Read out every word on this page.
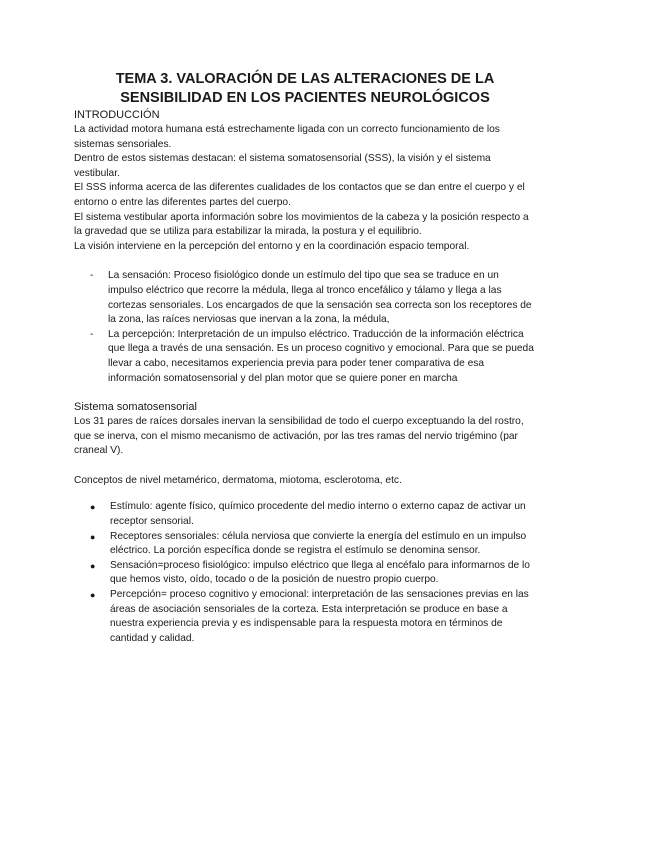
TEMA 3. VALORACIÓN DE LAS ALTERACIONES DE LA
SENSIBILIDAD EN LOS PACIENTES NEUROLÓGICOS

INTRODUCCIÓN

La actividad motora humana está estrechamente ligada con un correcto funcionamiento de los sistemas sensoriales.

Dentro de estos sistemas destacan: el sistema somatosensorial (SSS), la visión y el sistema vestibular.

El SSS informa acerca de las diferentes cualidades de los contactos que se dan entre el cuerpo y el entorno o entre las diferentes partes del cuerpo.

El sistema vestibular aporta información sobre los movimientos de la cabeza y la posición respecto a la gravedad que se utiliza para estabilizar la mirada, la postura y el equilibrio.

La visión interviene en la percepción del entorno y en la coordinación espacio temporal.

- La sensación: Proceso fisiológico donde un estímulo del tipo que sea se traduce en un impulso eléctrico que recorre la médula, llega al tronco encefálico y tálamo y llega a las cortezas sensoriales. Los encargados de que la sensación sea correcta son los receptores de la zona, las raíces nerviosas que inervan a la zona, la médula,
- La percepción: Interpretación de un impulso eléctrico. Traducción de la información eléctrica que llega a través de una sensación. Es un proceso cognitivo y emocional. Para que se pueda llevar a cabo, necesitamos experiencia previa para poder tener comparativa de esa información somatosensorial y del plan motor que se quiere poner en marcha

Sistema somatosensorial

Los 31 pares de raíces dorsales inervan la sensibilidad de todo el cuerpo exceptuando la del rostro, que se inerva, con el mismo mecanismo de activación, por las tres ramas del nervio trigémino (par craneal V).

Conceptos de nivel metamérico, dermatoma, miotoma, esclerotoma, etc.

● Estímulo: agente físico, químico procedente del medio interno o externo capaz de activar un receptor sensorial.
● Receptores sensoriales: célula nerviosa que convierte la energía del estímulo en un impulso eléctrico. La porción específica donde se registra el estímulo se denomina sensor.
● Sensación=proceso fisiológico: impulso eléctrico que llega al encéfalo para informarnos de lo que hemos visto, oído, tocado o de la posición de nuestro propio cuerpo.
● Percepción= proceso cognitivo y emocional: interpretación de las sensaciones previas en las áreas de asociación sensoriales de la corteza. Esta interpretación se produce en base a nuestra experiencia previa y es indispensable para la respuesta motora en términos de cantidad y calidad.
